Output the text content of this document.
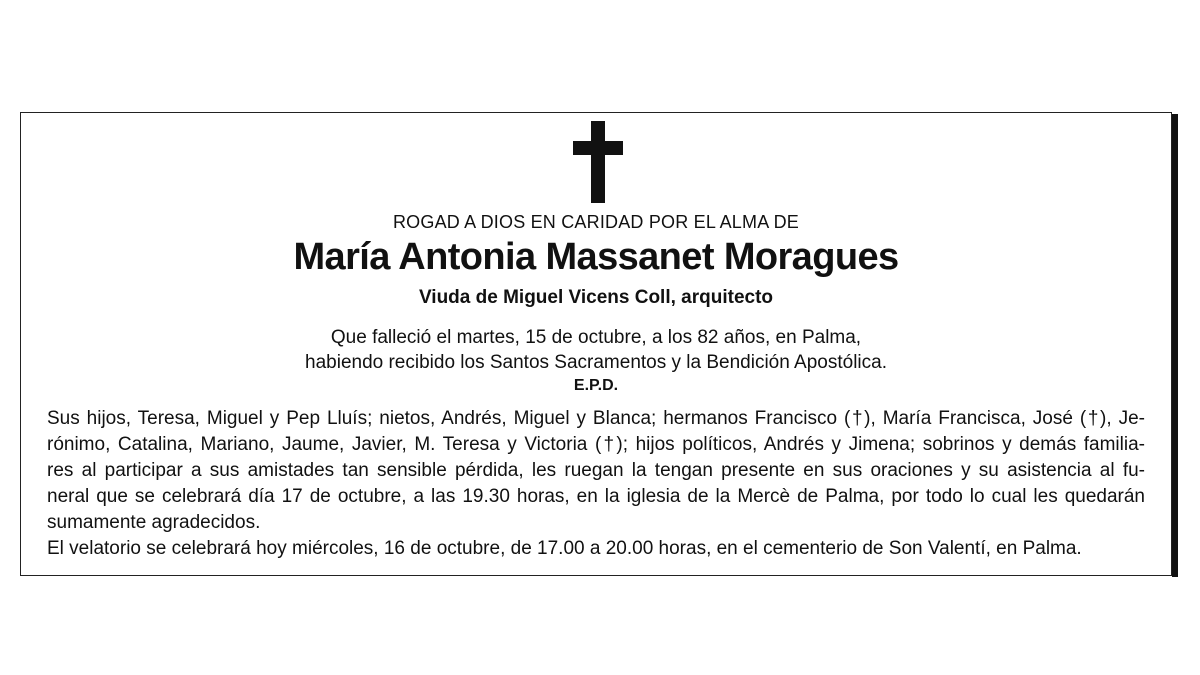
ROGAD A DIOS EN CARIDAD POR EL ALMA DE
María Antonia Massanet Moragues
Viuda de Miguel Vicens Coll, arquitecto
Que falleció el martes, 15 de octubre, a los 82 años, en Palma,
habiendo recibido los Santos Sacramentos y la Bendición Apostólica.
E.P.D.
Sus hijos, Teresa, Miguel y Pep Lluís; nietos, Andrés, Miguel y Blanca; hermanos Francisco (†), María Francisca, José (†), Je-
rónimo, Catalina, Mariano, Jaume, Javier, M. Teresa y Victoria (†); hijos políticos, Andrés y Jimena; sobrinos y demás familia-
res al participar a sus amistades tan sensible pérdida, les ruegan la tengan presente en sus oraciones y su asistencia al fu-
neral que se celebrará día 17 de octubre, a las 19.30 horas, en la iglesia de la Mercè de Palma, por todo lo cual les quedarán
sumamente agradecidos.
El velatorio se celebrará hoy miércoles, 16 de octubre, de 17.00 a 20.00 horas, en el cementerio de Son Valentí, en Palma.
